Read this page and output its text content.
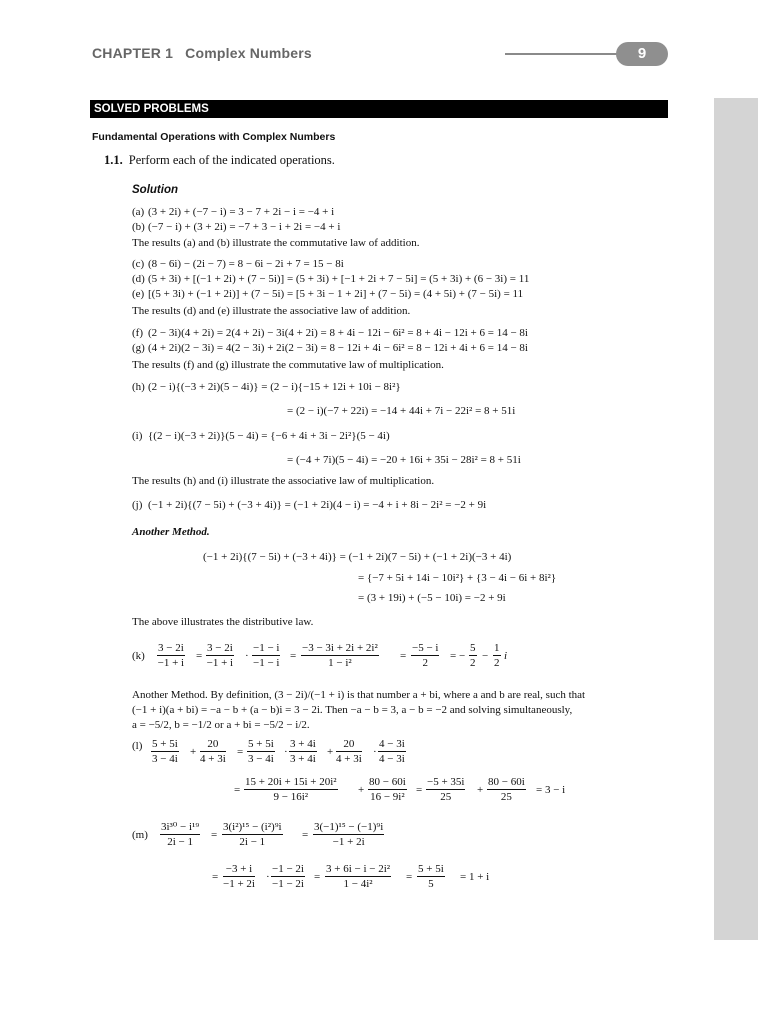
CHAPTER 1 Complex Numbers	9
SOLVED PROBLEMS
Fundamental Operations with Complex Numbers
1.1. Perform each of the indicated operations.
Solution
(a) (3 + 2i) + (−7 − i) = 3 − 7 + 2i − i = −4 + i
(b) (−7 − i) + (3 + 2i) = −7 + 3 − i + 2i = −4 + i
The results (a) and (b) illustrate the commutative law of addition.
(c) (8 − 6i) − (2i − 7) = 8 − 6i − 2i + 7 = 15 − 8i
(d) (5 + 3i) + [(−1 + 2i) + (7 − 5i)] = (5 + 3i) + [−1 + 2i + 7 − 5i] = (5 + 3i) + (6 − 3i) = 11
(e) [(5 + 3i) + (−1 + 2i)] + (7 − 5i) = [5 + 3i − 1 + 2i] + (7 − 5i) = (4 + 5i) + (7 − 5i) = 11
The results (d) and (e) illustrate the associative law of addition.
(f) (2 − 3i)(4 + 2i) = 2(4 + 2i) − 3i(4 + 2i) = 8 + 4i − 12i − 6i² = 8 + 4i − 12i + 6 = 14 − 8i
(g) (4 + 2i)(2 − 3i) = 4(2 − 3i) + 2i(2 − 3i) = 8 − 12i + 4i − 6i² = 8 − 12i + 4i + 6 = 14 − 8i
The results (f) and (g) illustrate the commutative law of multiplication.
(h) (2 − i){(−3 + 2i)(5 − 4i)} = (2 − i){−15 + 12i + 10i − 8i²}
= (2 − i)(−7 + 22i) = −14 + 44i + 7i − 22i² = 8 + 51i
(i) {(2 − i)(−3 + 2i)}(5 − 4i) = {−6 + 4i + 3i − 2i²}(5 − 4i)
= (−4 + 7i)(5 − 4i) = −20 + 16i + 35i − 28i² = 8 + 51i
The results (h) and (i) illustrate the associative law of multiplication.
(j) (−1 + 2i){(7 − 5i) + (−3 + 4i)} = (−1 + 2i)(4 − i) = −4 + i + 8i − 2i² = −2 + 9i
Another Method.
(−1 + 2i){(7 − 5i) + (−3 + 4i)} = (−1 + 2i)(7 − 5i) + (−1 + 2i)(−3 + 4i)
= {−7 + 5i + 14i − 10i²} + {3 − 4i − 6i + 8i²}
= (3 + 19i) + (−5 − 10i) = −2 + 9i
The above illustrates the distributive law.
$(k) \frac{3 - 2i}{-1 + i} = \frac{3 - 2i}{-1 + i} \cdot \frac{-1 - i}{-1 - i} = \frac{\text{−3 − 3i + 2i + 2i²}}{\text{1 − i²}} = \frac{-5 - i}{2}$ = − $\frac{5}{2} - \frac{1}{2}$ i
Another Method. By definition, (3 − 2i)/(−1 + i) is that number a + bi, where a and b are real, such that
(−1 + i)(a + bi) = −a − b + (a − b)i = 3 − 2i. Then −a − b = 3, a − b = −2 and solving simultaneously,
a = −5/2, b = −1/2 or a + bi = −5/2 − i/2.
$(l) \frac{5 + 5i}{3 - 4i} + \frac{20}{4 + 3i} = \frac{5 + 5i}{3 - 4i} \cdot \frac{3 + 4i}{3 + 4i} + \frac{20}{4 + 3i} \cdot \frac{4 - 3i}{4 - 3i}$
= $\frac{\text{15 + 20i + 15i + 20i²}}{\text{9 − 16i²}} + \frac{80 - 60i}{\text{16 − 9i²}} = \frac{-5 + 35i}{25} + \frac{80 - 60i}{25} = 3 - i$
$(m) \frac{\text{3i³⁰ − i¹⁹}}{2i - 1} = \frac{\text{3(i²)¹⁵ − (i²)⁹i}}{2i - 1} = \frac{\text{3(−1)¹⁵ − (−1)⁹i}}{-1 + 2i}$
= $\frac{-3 + i}{-1 + 2i} \cdot \frac{-1 - 2i}{-1 - 2i} = \frac{\text{3 + 6i − i − 2i²}}{\text{1 − 4i²}} = \frac{5 + 5i}{5} = 1 + i$
